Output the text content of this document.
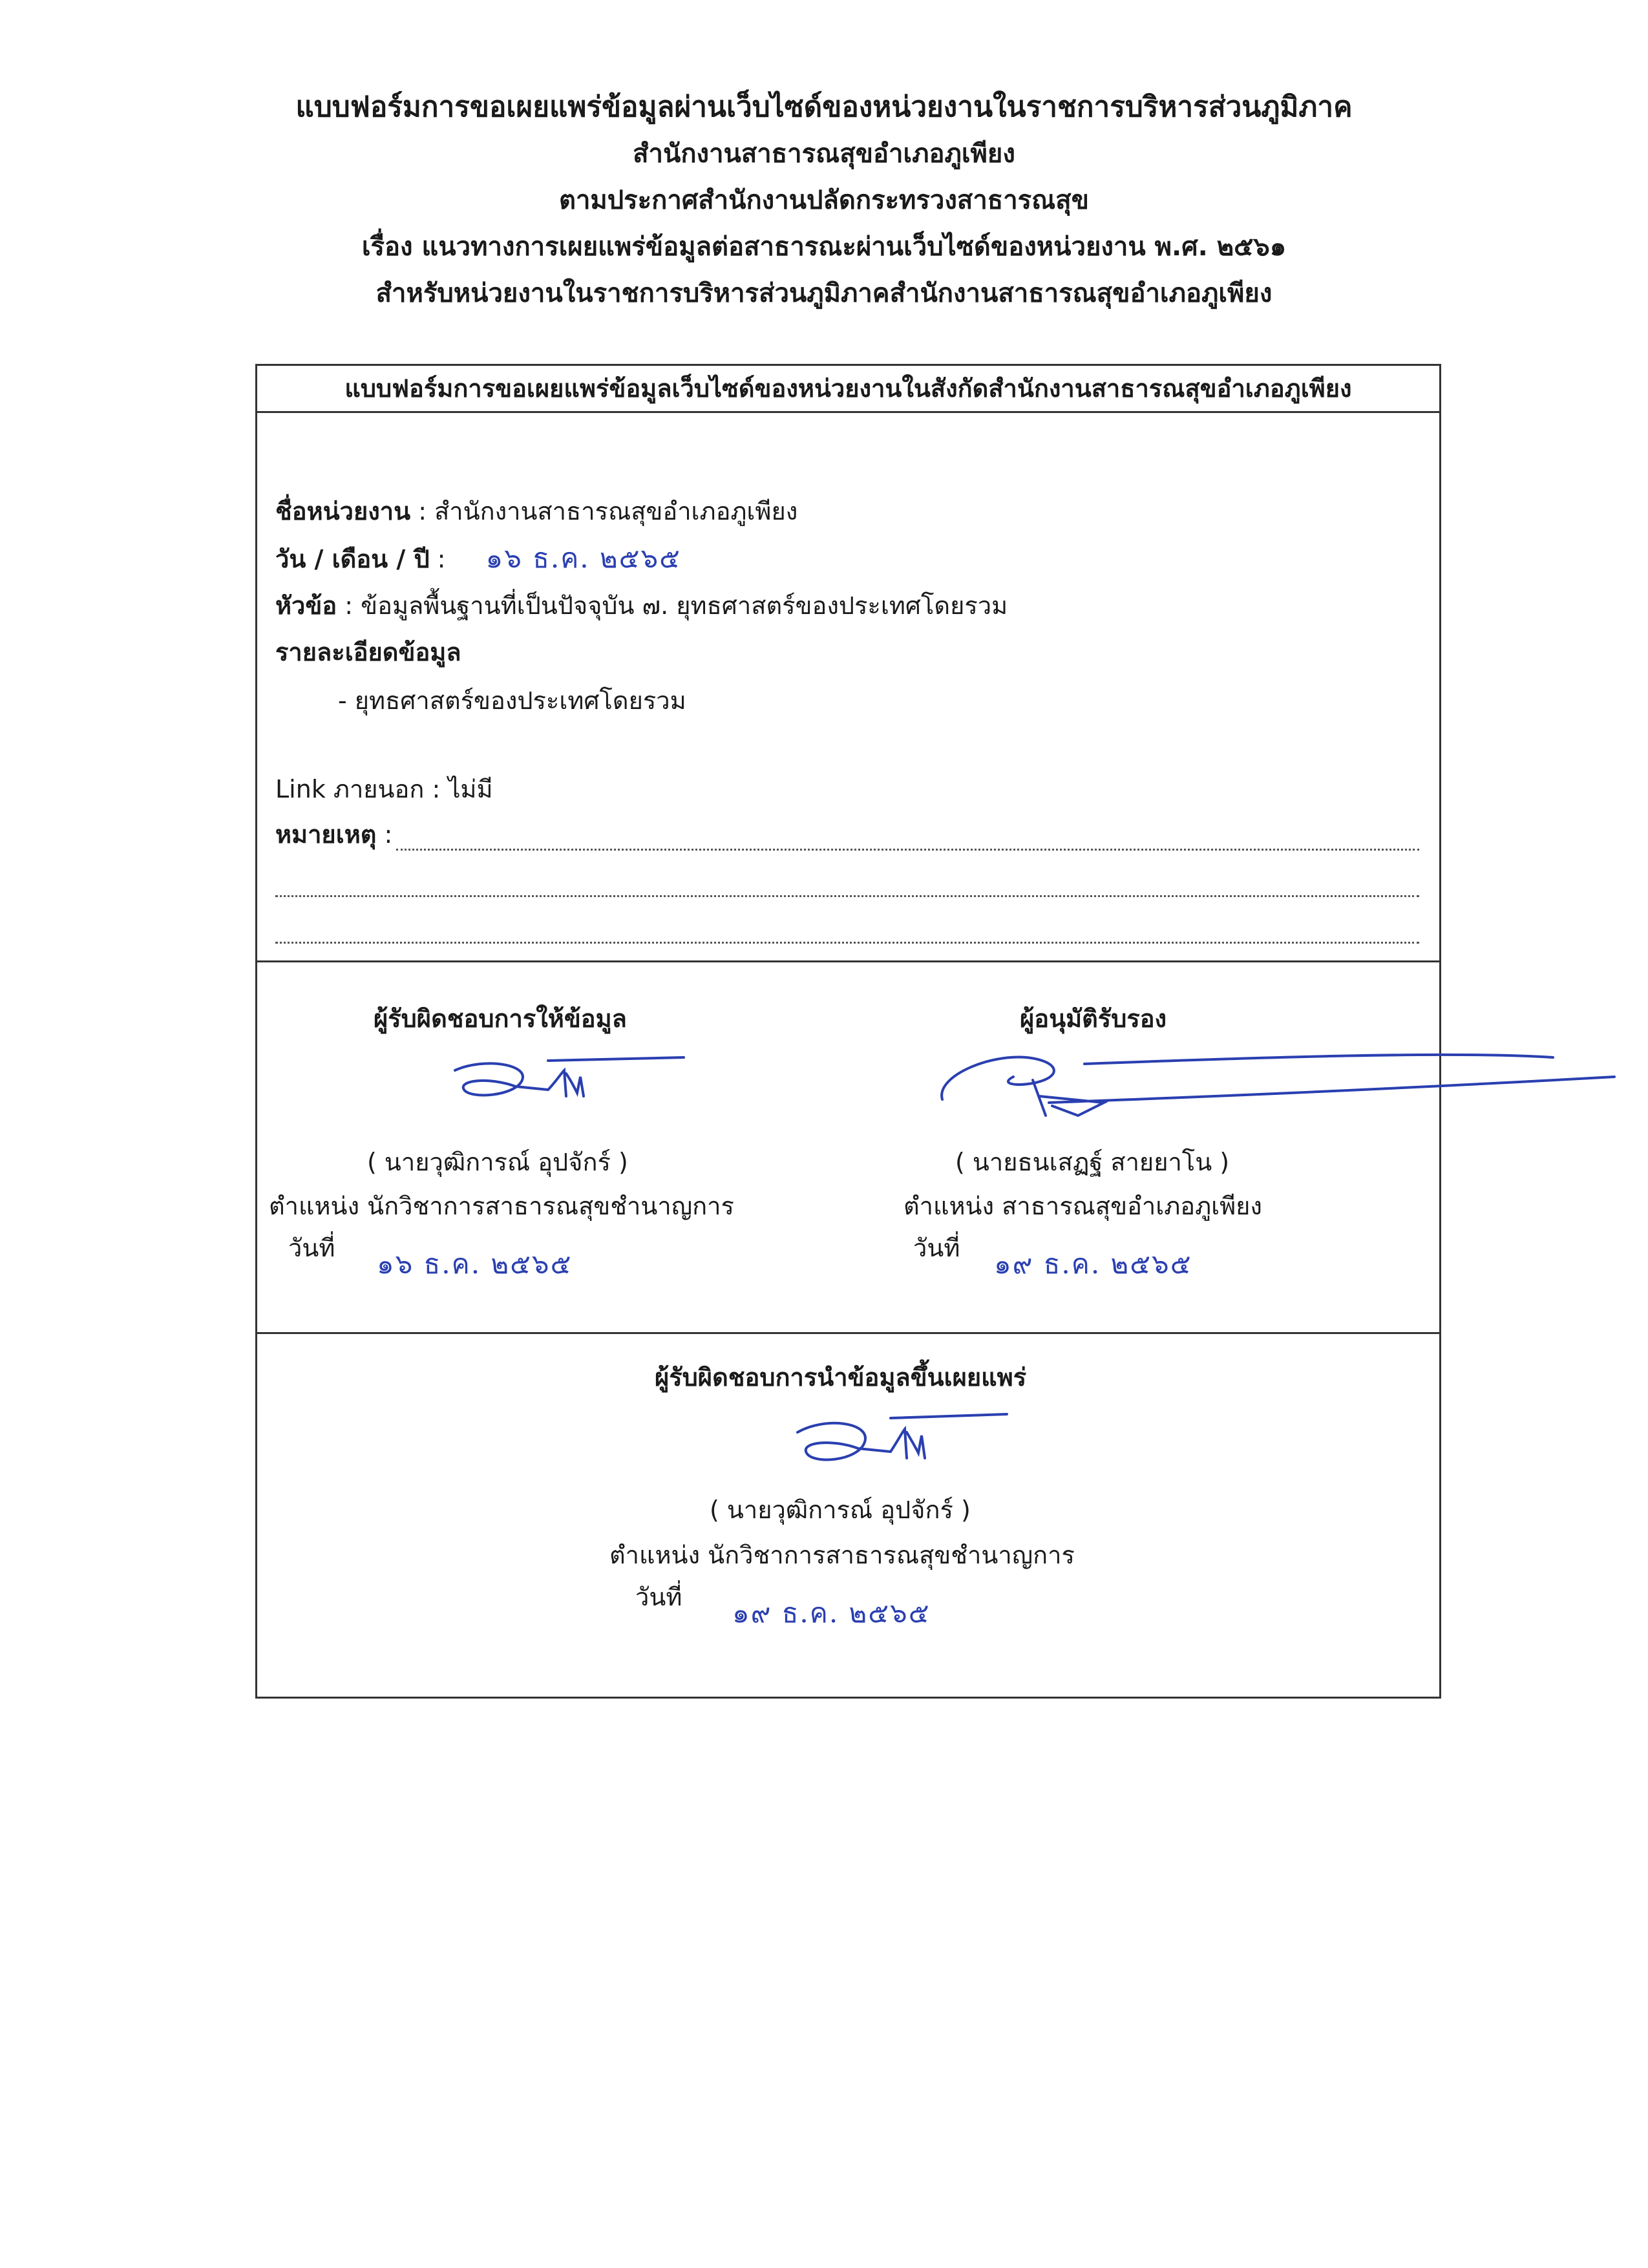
แบบฟอร์มการขอเผยแพร่ข้อมูลผ่านเว็บไซด์ของหน่วยงานในราชการบริหารส่วนภูมิภาค
สำนักงานสาธารณสุขอำเภอภูเพียง
ตามประกาศสำนักงานปลัดกระทรวงสาธารณสุข
เรื่อง แนวทางการเผยแพร่ข้อมูลต่อสาธารณะผ่านเว็บไซด์ของหน่วยงาน พ.ศ. ๒๕๖๑
สำหรับหน่วยงานในราชการบริหารส่วนภูมิภาคสำนักงานสาธารณสุขอำเภอภูเพียง
แบบฟอร์มการขอเผยแพร่ข้อมูลเว็บไซด์ของหน่วยงานในสังกัดสำนักงานสาธารณสุขอำเภอภูเพียง
ชื่อหน่วยงาน : สำนักงานสาธารณสุขอำเภอภูเพียง
วัน / เดือน / ปี : ๑๖ ธ.ค. ๒๕๖๕
หัวข้อ : ข้อมูลพื้นฐานที่เป็นปัจจุบัน ๗. ยุทธศาสตร์ของประเทศโดยรวม
รายละเอียดข้อมูล
- ยุทธศาสตร์ของประเทศโดยรวม
Link ภายนอก : ไม่มี
หมายเหตุ :
ผู้รับผิดชอบการให้ข้อมูล
( นายวุฒิการณ์ อุปจักร์ )
ตำแหน่ง นักวิชาการสาธารณสุขชำนาญการ
วันที่ ๑๖ ธ.ค. ๒๕๖๕
ผู้อนุมัติรับรอง
( นายธนเสฏฐ์ สายยาโน )
ตำแหน่ง สาธารณสุขอำเภอภูเพียง
วันที่ ๑๙ ธ.ค. ๒๕๖๕
ผู้รับผิดชอบการนำข้อมูลขึ้นเผยแพร่
( นายวุฒิการณ์ อุปจักร์ )
ตำแหน่ง นักวิชาการสาธารณสุขชำนาญการ
วันที่ ๑๙ ธ.ค. ๒๕๖๕
